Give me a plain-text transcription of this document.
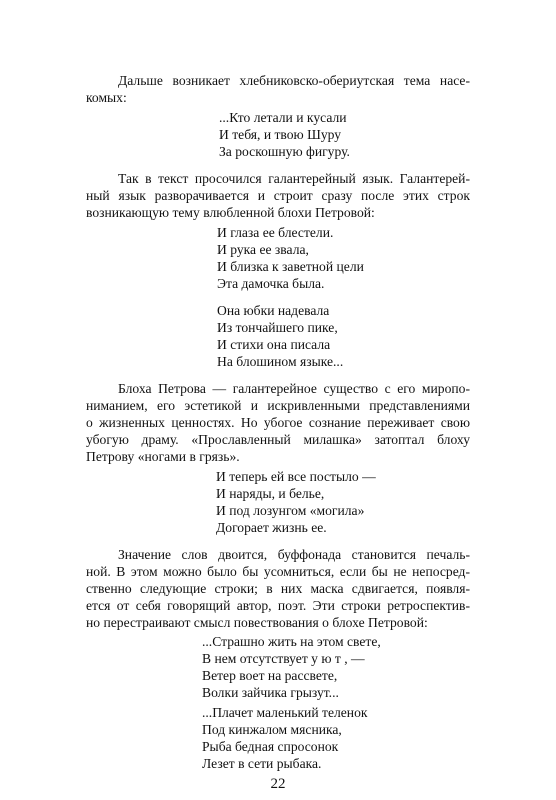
Дальше возникает хлебниковско-обериутская тема насе-
комых:
...Кто летали и кусали
И тебя, и твою Шуру
За роскошную фигуру.
Так в текст просочился галантерейный язык. Галантерей-
ный язык разворачивается и строит сразу после этих строк
возникающую тему влюбленной блохи Петровой:
И глаза ее блестели.
И рука ее звала,
И близка к заветной цели
Эта дамочка была.
Она юбки надевала
Из тончайшего пике,
И стихи она писала
На блошином языке...
Блоха Петрова — галантерейное существо с его миропо-
ниманием, его эстетикой и искривленными представлениями
о жизненных ценностях. Но убогое сознание переживает свою
убогую драму. «Прославленный милашка» затоптал блоху
Петрову «ногами в грязь».
И теперь ей все постыло —
И наряды, и белье,
И под лозунгом «могила»
Догорает жизнь ее.
Значение слов двоится, буффонада становится печаль-
ной. В этом можно было бы усомниться, если бы не непосред-
ственно следующие строки; в них маска сдвигается, появля-
ется от себя говорящий автор, поэт. Эти строки ретроспектив-
но перестраивают смысл повествования о блохе Петровой:
...Страшно жить на этом свете,
В нем отсутствует у ю т , —
Ветер воет на рассвете,
Волки зайчика грызут...
...Плачет маленький теленок
Под кинжалом мясника,
Рыба бедная спросонок
Лезет в сети рыбака.
22
